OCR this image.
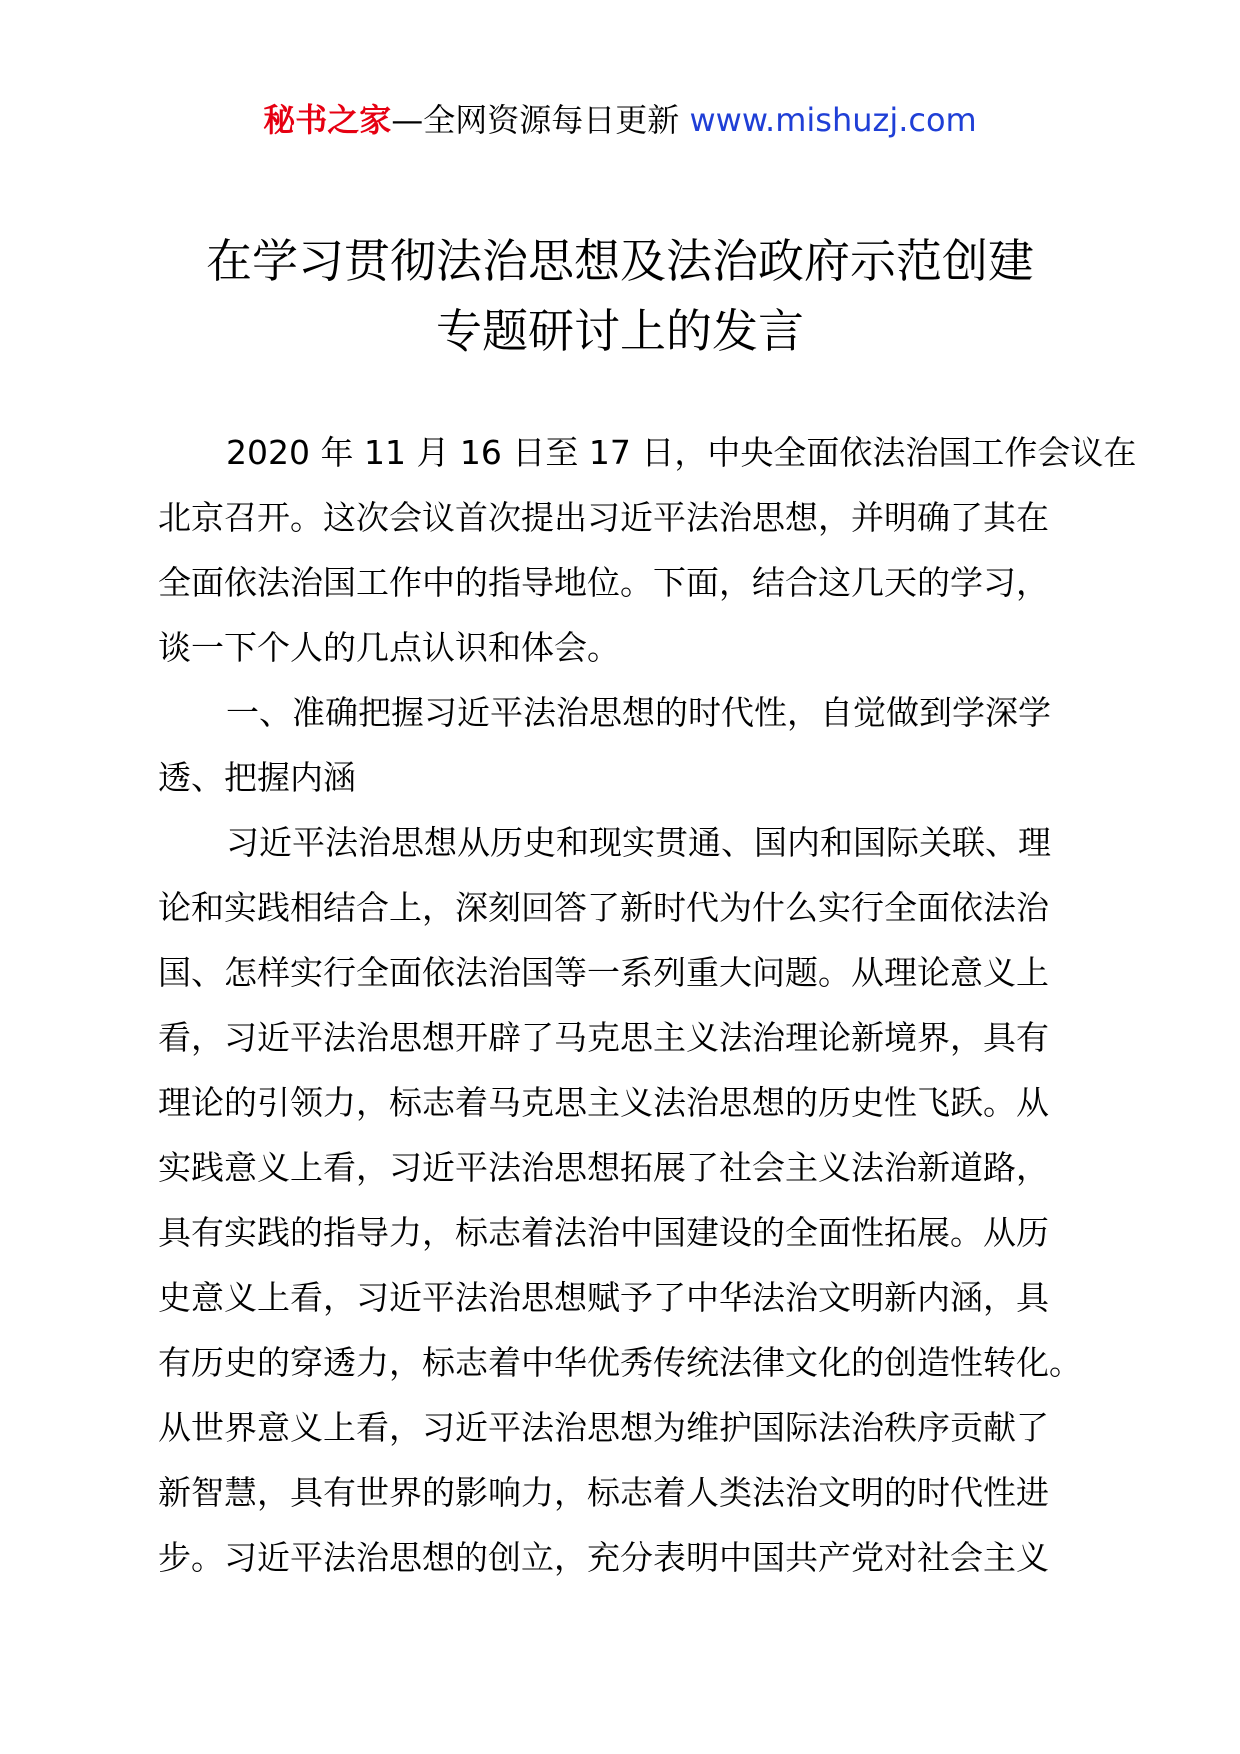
秘书之家—全网资源每日更新 www.mishuzj.com
在学习贯彻法治思想及法治政府示范创建
专题研讨上的发言
2020 年 11 月 16 日至 17 日，中央全面依法治国工作会议在
北京召开。这次会议首次提出习近平法治思想，并明确了其在
全面依法治国工作中的指导地位。下面，结合这几天的学习，
谈一下个人的几点认识和体会。
一、准确把握习近平法治思想的时代性，自觉做到学深学
透、把握内涵
习近平法治思想从历史和现实贯通、国内和国际关联、理
论和实践相结合上，深刻回答了新时代为什么实行全面依法治
国、怎样实行全面依法治国等一系列重大问题。从理论意义上
看，习近平法治思想开辟了马克思主义法治理论新境界，具有
理论的引领力，标志着马克思主义法治思想的历史性飞跃。从
实践意义上看，习近平法治思想拓展了社会主义法治新道路，
具有实践的指导力，标志着法治中国建设的全面性拓展。从历
史意义上看，习近平法治思想赋予了中华法治文明新内涵，具
有历史的穿透力，标志着中华优秀传统法律文化的创造性转化。
从世界意义上看，习近平法治思想为维护国际法治秩序贡献了
新智慧，具有世界的影响力，标志着人类法治文明的时代性进
步。习近平法治思想的创立，充分表明中国共产党对社会主义
